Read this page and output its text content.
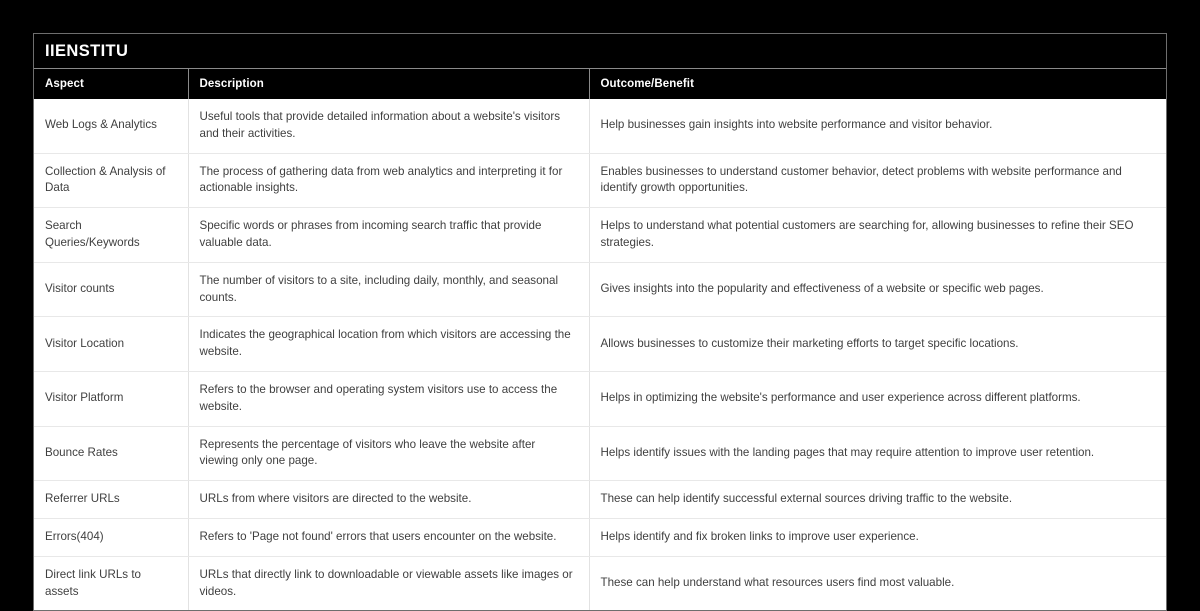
IIENSTITU
Aspect	Description	Outcome/Benefit
Web Logs & Analytics	Useful tools that provide detailed information about a website's visitors and their activities.	Help businesses gain insights into website performance and visitor behavior.
Collection & Analysis of Data	The process of gathering data from web analytics and interpreting it for actionable insights.	Enables businesses to understand customer behavior, detect problems with website performance and identify growth opportunities.
Search Queries/Keywords	Specific words or phrases from incoming search traffic that provide valuable data.	Helps to understand what potential customers are searching for, allowing businesses to refine their SEO strategies.
Visitor counts	The number of visitors to a site, including daily, monthly, and seasonal counts.	Gives insights into the popularity and effectiveness of a website or specific web pages.
Visitor Location	Indicates the geographical location from which visitors are accessing the website.	Allows businesses to customize their marketing efforts to target specific locations.
Visitor Platform	Refers to the browser and operating system visitors use to access the website.	Helps in optimizing the website's performance and user experience across different platforms.
Bounce Rates	Represents the percentage of visitors who leave the website after viewing only one page.	Helps identify issues with the landing pages that may require attention to improve user retention.
Referrer URLs	URLs from where visitors are directed to the website.	These can help identify successful external sources driving traffic to the website.
Errors(404)	Refers to 'Page not found' errors that users encounter on the website.	Helps identify and fix broken links to improve user experience.
Direct link URLs to assets	URLs that directly link to downloadable or viewable assets like images or videos.	These can help understand what resources users find most valuable.
